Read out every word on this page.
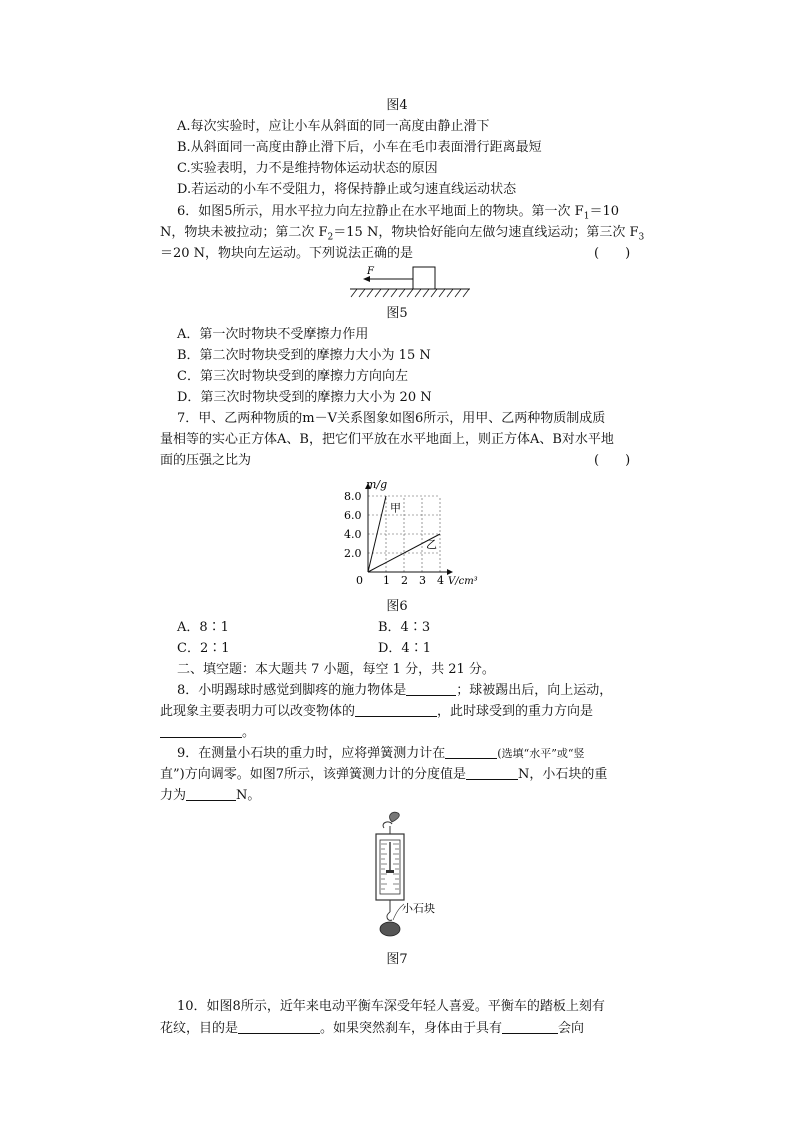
图4
A.每次实验时，应让小车从斜面的同一高度由静止滑下
B.从斜面同一高度由静止滑下后，小车在毛巾表面滑行距离最短
C.实验表明，力不是维持物体运动状态的原因
D.若运动的小车不受阻力，将保持静止或匀速直线运动状态
6．如图5所示，用水平拉力向左拉静止在水平地面上的物块。第一次 $F_1=10$
N，物块未被拉动；第二次 $F_2=15$ N，物块恰好能向左做匀速直线运动；第三次 $F_3$
＝20 N，物块向左运动。下列说法正确的是	(　　)
F
图5
A．第一次时物块不受摩擦力作用
B．第二次时物块受到的摩擦力大小为 15 N
C．第三次时物块受到的摩擦力方向向左
D．第三次时物块受到的摩擦力大小为 20 N
7．甲、乙两种物质的m－V关系图象如图6所示，用甲、乙两种物质制成质
量相等的实心正方体A、B，把它们平放在水平地面上，则正方体A、B对水平地
面的压强之比为	(　　)
1 2 3 4
2.0
4.0
6.0
8.0
甲
乙
m/g
V/cm³
0
图6
A．8∶1	B．4∶3
C．2∶1	D．4∶1
二、填空题：本大题共 7 小题，每空 1 分，共 21 分。
8．小明踢球时感觉到脚疼的施力物体是	；球被踢出后，向上运动，
此现象主要表明力可以改变物体的	，此时球受到的重力方向是
。
9．在测量小石块的重力时，应将弹簧测力计在	(选填“水平”或“竖
直”)方向调零。如图7所示，该弹簧测力计的分度值是	N，小石块的重
力为	N。
小石块
图7
10．如图8所示，近年来电动平衡车深受年轻人喜爱。平衡车的踏板上刻有
花纹，目的是	。如果突然刹车，身体由于具有	会向
